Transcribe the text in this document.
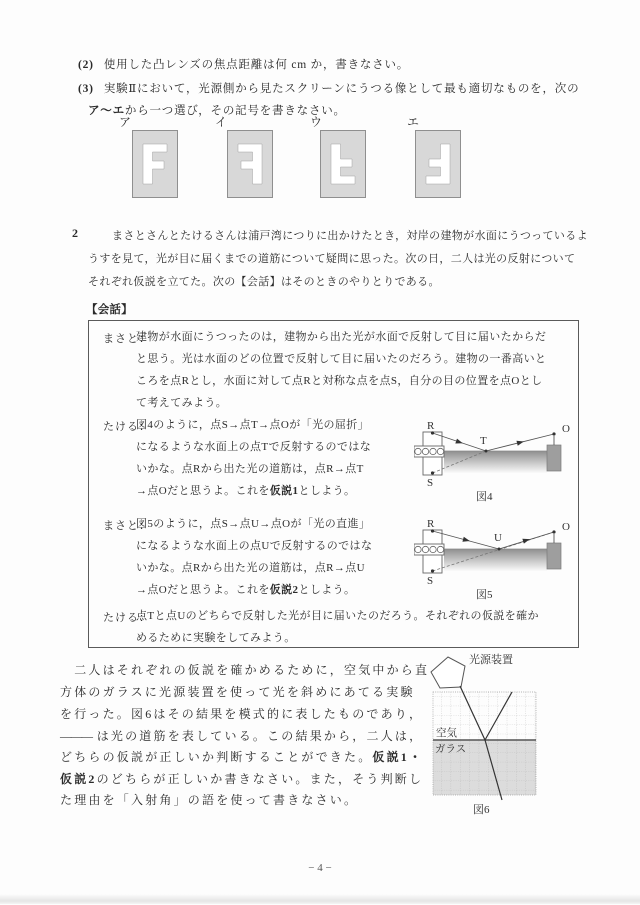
(2) 使用した凸レンズの焦点距離は何 cm か，書きなさい。
(3) 実験Ⅱにおいて，光源側から見たスクリーンにうつる像として最も適切なものを，次の
ア～エから一つ選び，その記号を書きなさい。
ア	イ	ウ	エ
2	まさとさんとたけるさんは浦戸湾につりに出かけたとき，対岸の建物が水面にうつっているよ
うすを見て，光が目に届くまでの道筋について疑問に思った。次の日，二人は光の反射について
それぞれ仮説を立てた。次の【会話】はそのときのやりとりである。
【会話】
まさと：
建物が水面にうつったのは，建物から出た光が水面で反射して目に届いたからだ
と思う。光は水面のどの位置で反射して目に届いたのだろう。建物の一番高いと
ころを点Rとし，水面に対して点Rと対称な点を点S，自分の目の位置を点Oとし
て考えてみよう。
たける：
図4のように，点S→点T→点Oが「光の屈折」
になるような水面上の点Tで反射するのではな
いかな。点Rから出た光の道筋は，点R→点T
→点Oだと思うよ。これを仮説1としよう。
R
S
T
O
図4
まさと：
図5のように，点S→点U→点Oが「光の直進」
になるような水面上の点Uで反射するのではな
いかな。点Rから出た光の道筋は，点R→点U
→点Oだと思うよ。これを仮説2としよう。
R
S
U
O
図5
たける：
点Tと点Uのどちらで反射した光が目に届いたのだろう。それぞれの仮説を確か
めるために実験をしてみよう。
　二人はそれぞれの仮説を確かめるために，空気中から直
方体のガラスに光源装置を使って光を斜めにあてる実験
を行った。図6はその結果を模式的に表したものであり，
——— は光の道筋を表している。この結果から，二人は，
どちらの仮説が正しいか判断することができた。仮説1・
仮説2のどちらが正しいか書きなさい。また，そう判断し
た理由を「入射角」の語を使って書きなさい。
光源装置
空気
ガラス
図6
− 4 −
